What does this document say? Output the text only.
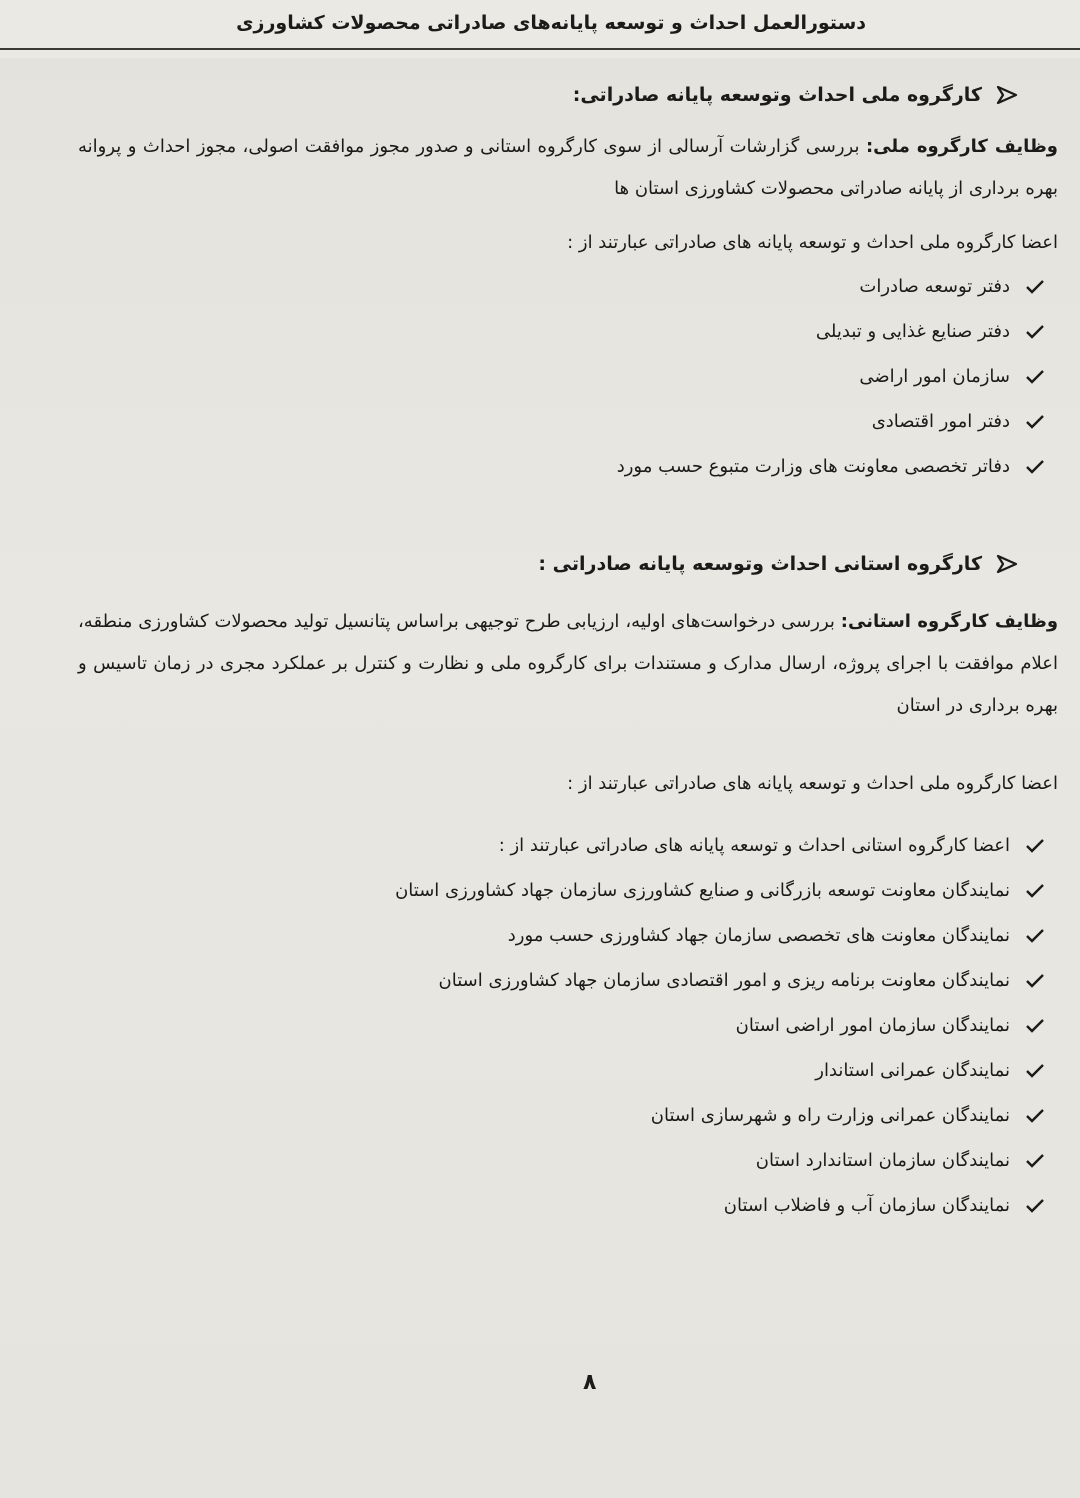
دستورالعمل احداث و توسعه پایانه‌های صادراتی محصولات کشاورزی
کارگروه ملی احداث وتوسعه پایانه صادراتی:

وظایف کارگروه ملی: بررسی گزارشات آرسالی از سوی کارگروه استانی و صدور مجوز موافقت اصولی، مجوز احداث و پروانه بهره برداری از پایانه صادراتی محصولات کشاورزی استان ها

اعضا کارگروه ملی احداث و توسعه پایانه های صادراتی عبارتند از :

دفتر توسعه صادرات
دفتر صنایع غذایی و تبدیلی
سازمان امور اراضی
دفتر امور اقتصادی
دفاتر تخصصی معاونت های وزارت متبوع حسب مورد
کارگروه استانی احداث وتوسعه پایانه صادراتی :

وظایف کارگروه استانی: بررسی درخواست‌های اولیه، ارزیابی طرح توجیهی براساس پتانسیل تولید محصولات کشاورزی منطقه، اعلام موافقت با اجرای پروژه، ارسال مدارک و مستندات برای کارگروه ملی و نظارت و کنترل بر عملکرد مجری در زمان تاسیس و بهره برداری در استان

اعضا کارگروه ملی احداث و توسعه پایانه های صادراتی عبارتند از :

اعضا کارگروه استانی احداث و توسعه پایانه های صادراتی عبارتند از :
نمایندگان معاونت توسعه بازرگانی و صنایع کشاورزی سازمان جهاد کشاورزی استان
نمایندگان معاونت های تخصصی سازمان جهاد کشاورزی حسب مورد
نمایندگان معاونت برنامه ریزی و امور اقتصادی سازمان جهاد کشاورزی استان
نمایندگان سازمان امور اراضی استان
نمایندگان عمرانی استاندار
نمایندگان عمرانی وزارت راه و شهرسازی استان
نمایندگان سازمان استاندارد استان
نمایندگان سازمان آب و فاضلاب استان
۸
